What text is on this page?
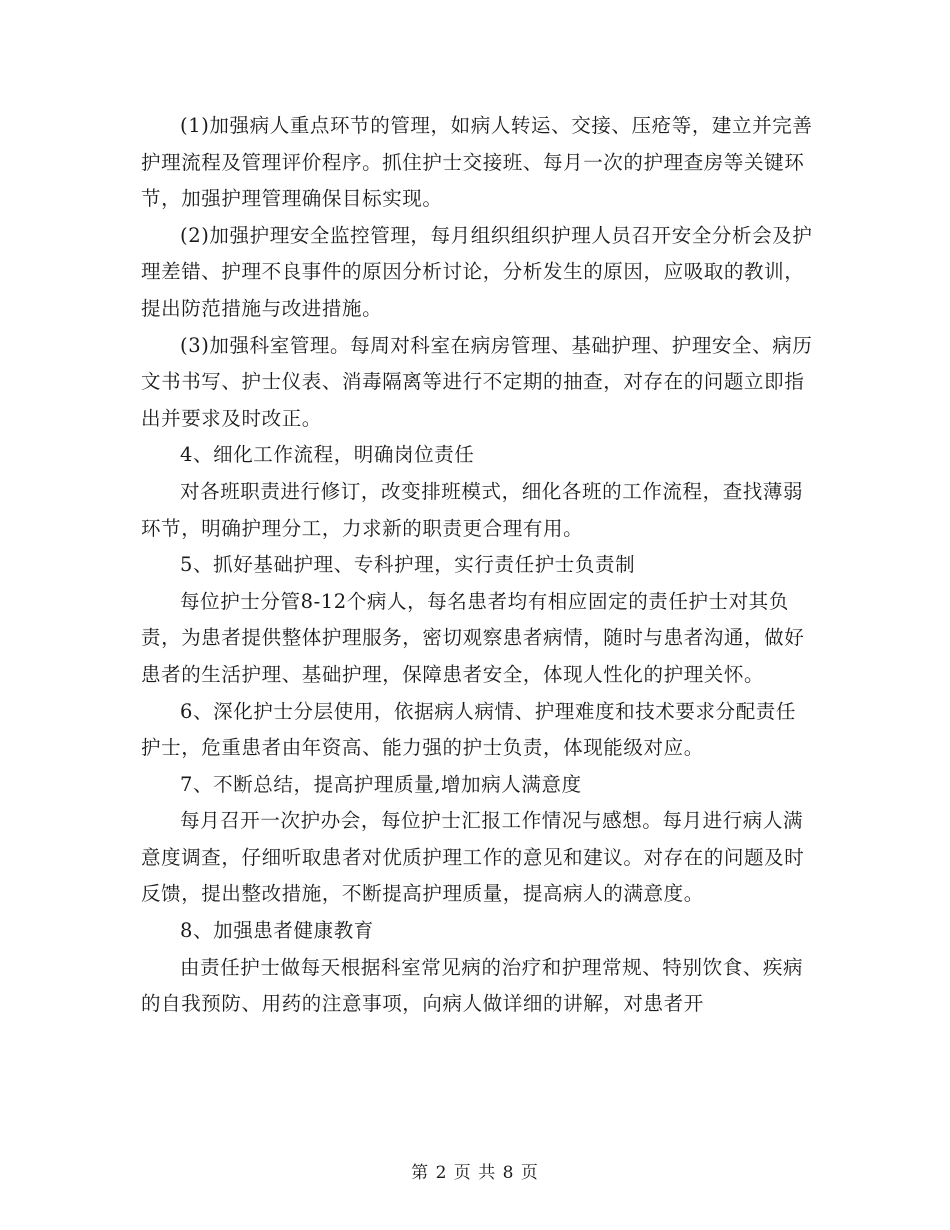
(1)加强病人重点环节的管理，如病人转运、交接、压疮等，建立并完善护理流程及管理评价程序。抓住护士交接班、每月一次的护理查房等关键环节，加强护理管理确保目标实现。

(2)加强护理安全监控管理，每月组织组织护理人员召开安全分析会及护理差错、护理不良事件的原因分析讨论，分析发生的原因，应吸取的教训，提出防范措施与改进措施。

(3)加强科室管理。每周对科室在病房管理、基础护理、护理安全、病历文书书写、护士仪表、消毒隔离等进行不定期的抽查，对存在的问题立即指出并要求及时改正。

4、细化工作流程，明确岗位责任

对各班职责进行修订，改变排班模式，细化各班的工作流程，查找薄弱环节，明确护理分工，力求新的职责更合理有用。

5、抓好基础护理、专科护理，实行责任护士负责制

每位护士分管8-12个病人，每名患者均有相应固定的责任护士对其负责，为患者提供整体护理服务，密切观察患者病情，随时与患者沟通，做好患者的生活护理、基础护理，保障患者安全，体现人性化的护理关怀。

6、深化护士分层使用，依据病人病情、护理难度和技术要求分配责任护士，危重患者由年资高、能力强的护士负责，体现能级对应。

7、不断总结，提高护理质量,增加病人满意度

每月召开一次护办会，每位护士汇报工作情况与感想。每月进行病人满意度调查，仔细听取患者对优质护理工作的意见和建议。对存在的问题及时反馈，提出整改措施，不断提高护理质量，提高病人的满意度。

8、加强患者健康教育

由责任护士做每天根据科室常见病的治疗和护理常规、特别饮食、疾病的自我预防、用药的注意事项，向病人做详细的讲解，对患者开

第 2 页 共 8 页
